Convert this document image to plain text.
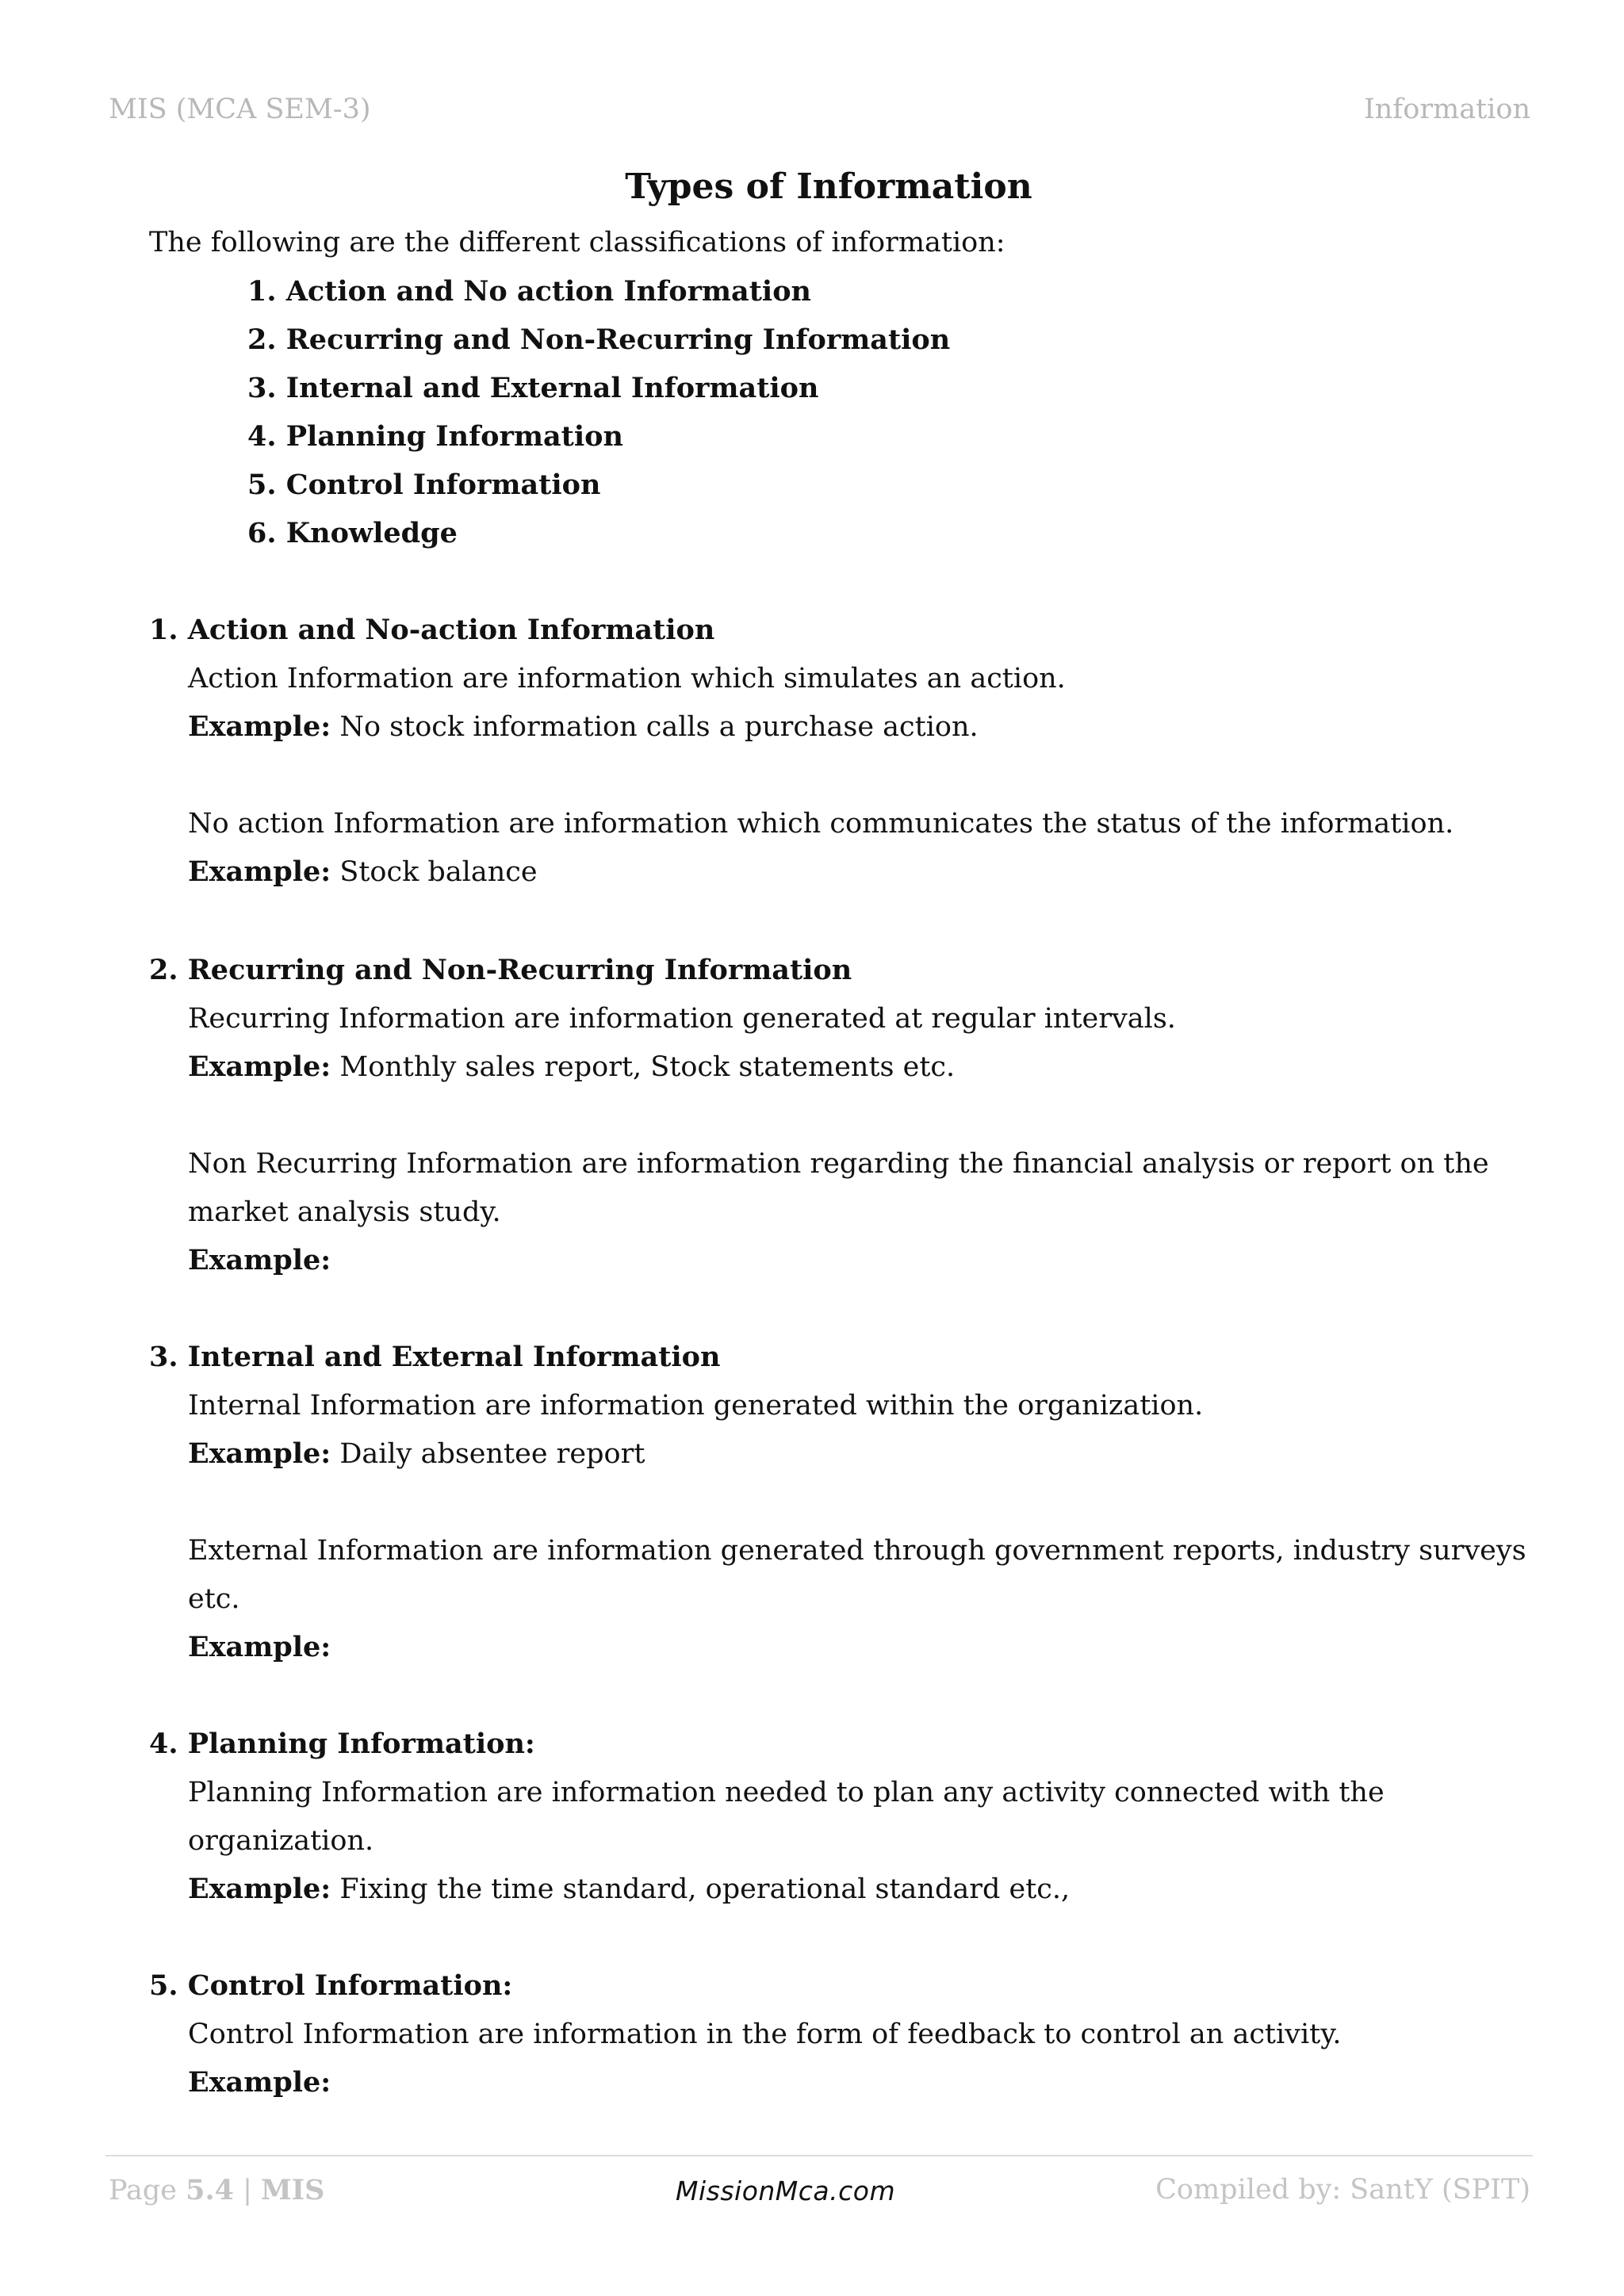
MIS (MCA SEM-3)	Information
Types of Information
The following are the different classifications of information:
1. Action and No action Information
2. Recurring and Non-Recurring Information
3. Internal and External Information
4. Planning Information
5. Control Information
6. Knowledge
1. Action and No-action Information
Action Information are information which simulates an action.
Example: No stock information calls a purchase action.
No action Information are information which communicates the status of the information.
Example: Stock balance
2. Recurring and Non-Recurring Information
Recurring Information are information generated at regular intervals.
Example: Monthly sales report, Stock statements etc.
Non Recurring Information are information regarding the financial analysis or report on the
market analysis study.
Example:
3. Internal and External Information
Internal Information are information generated within the organization.
Example: Daily absentee report
External Information are information generated through government reports, industry surveys
etc.
Example:
4. Planning Information:
Planning Information are information needed to plan any activity connected with the
organization.
Example: Fixing the time standard, operational standard etc.,
5. Control Information:
Control Information are information in the form of feedback to control an activity.
Example:
Page 5.4 | MIS	MissionMca.com	Compiled by: SantY (SPIT)
